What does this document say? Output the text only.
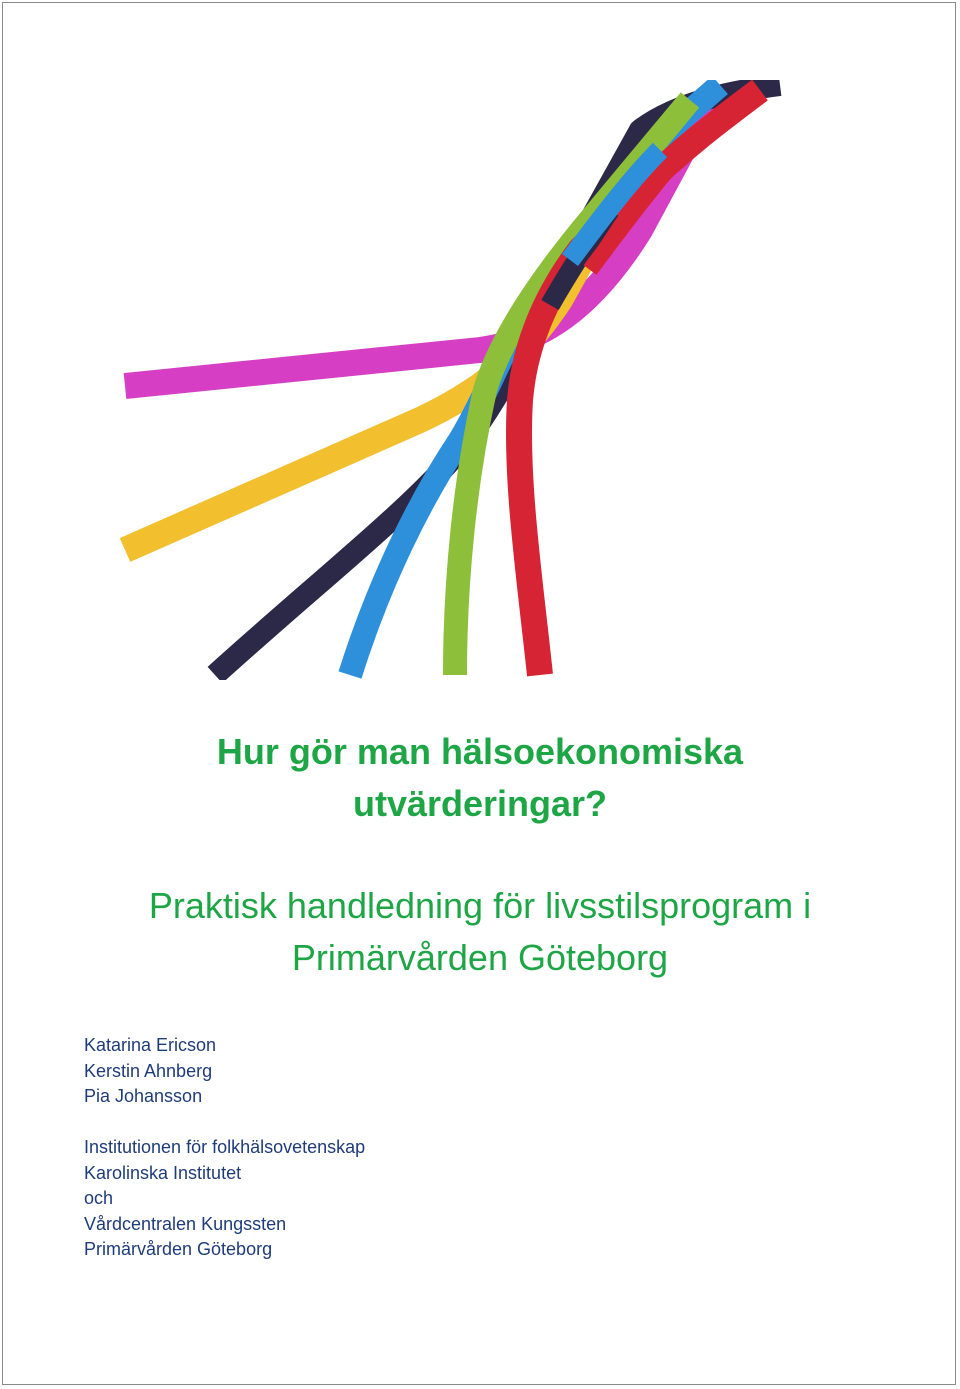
Hur gör man hälsoekonomiska
utvärderingar?
Praktisk handledning för livsstilsprogram i
Primärvården Göteborg
Katarina Ericson
Kerstin Ahnberg
Pia Johansson
Institutionen för folkhälsovetenskap
Karolinska Institutet
och
Vårdcentralen Kungssten
Primärvården Göteborg
